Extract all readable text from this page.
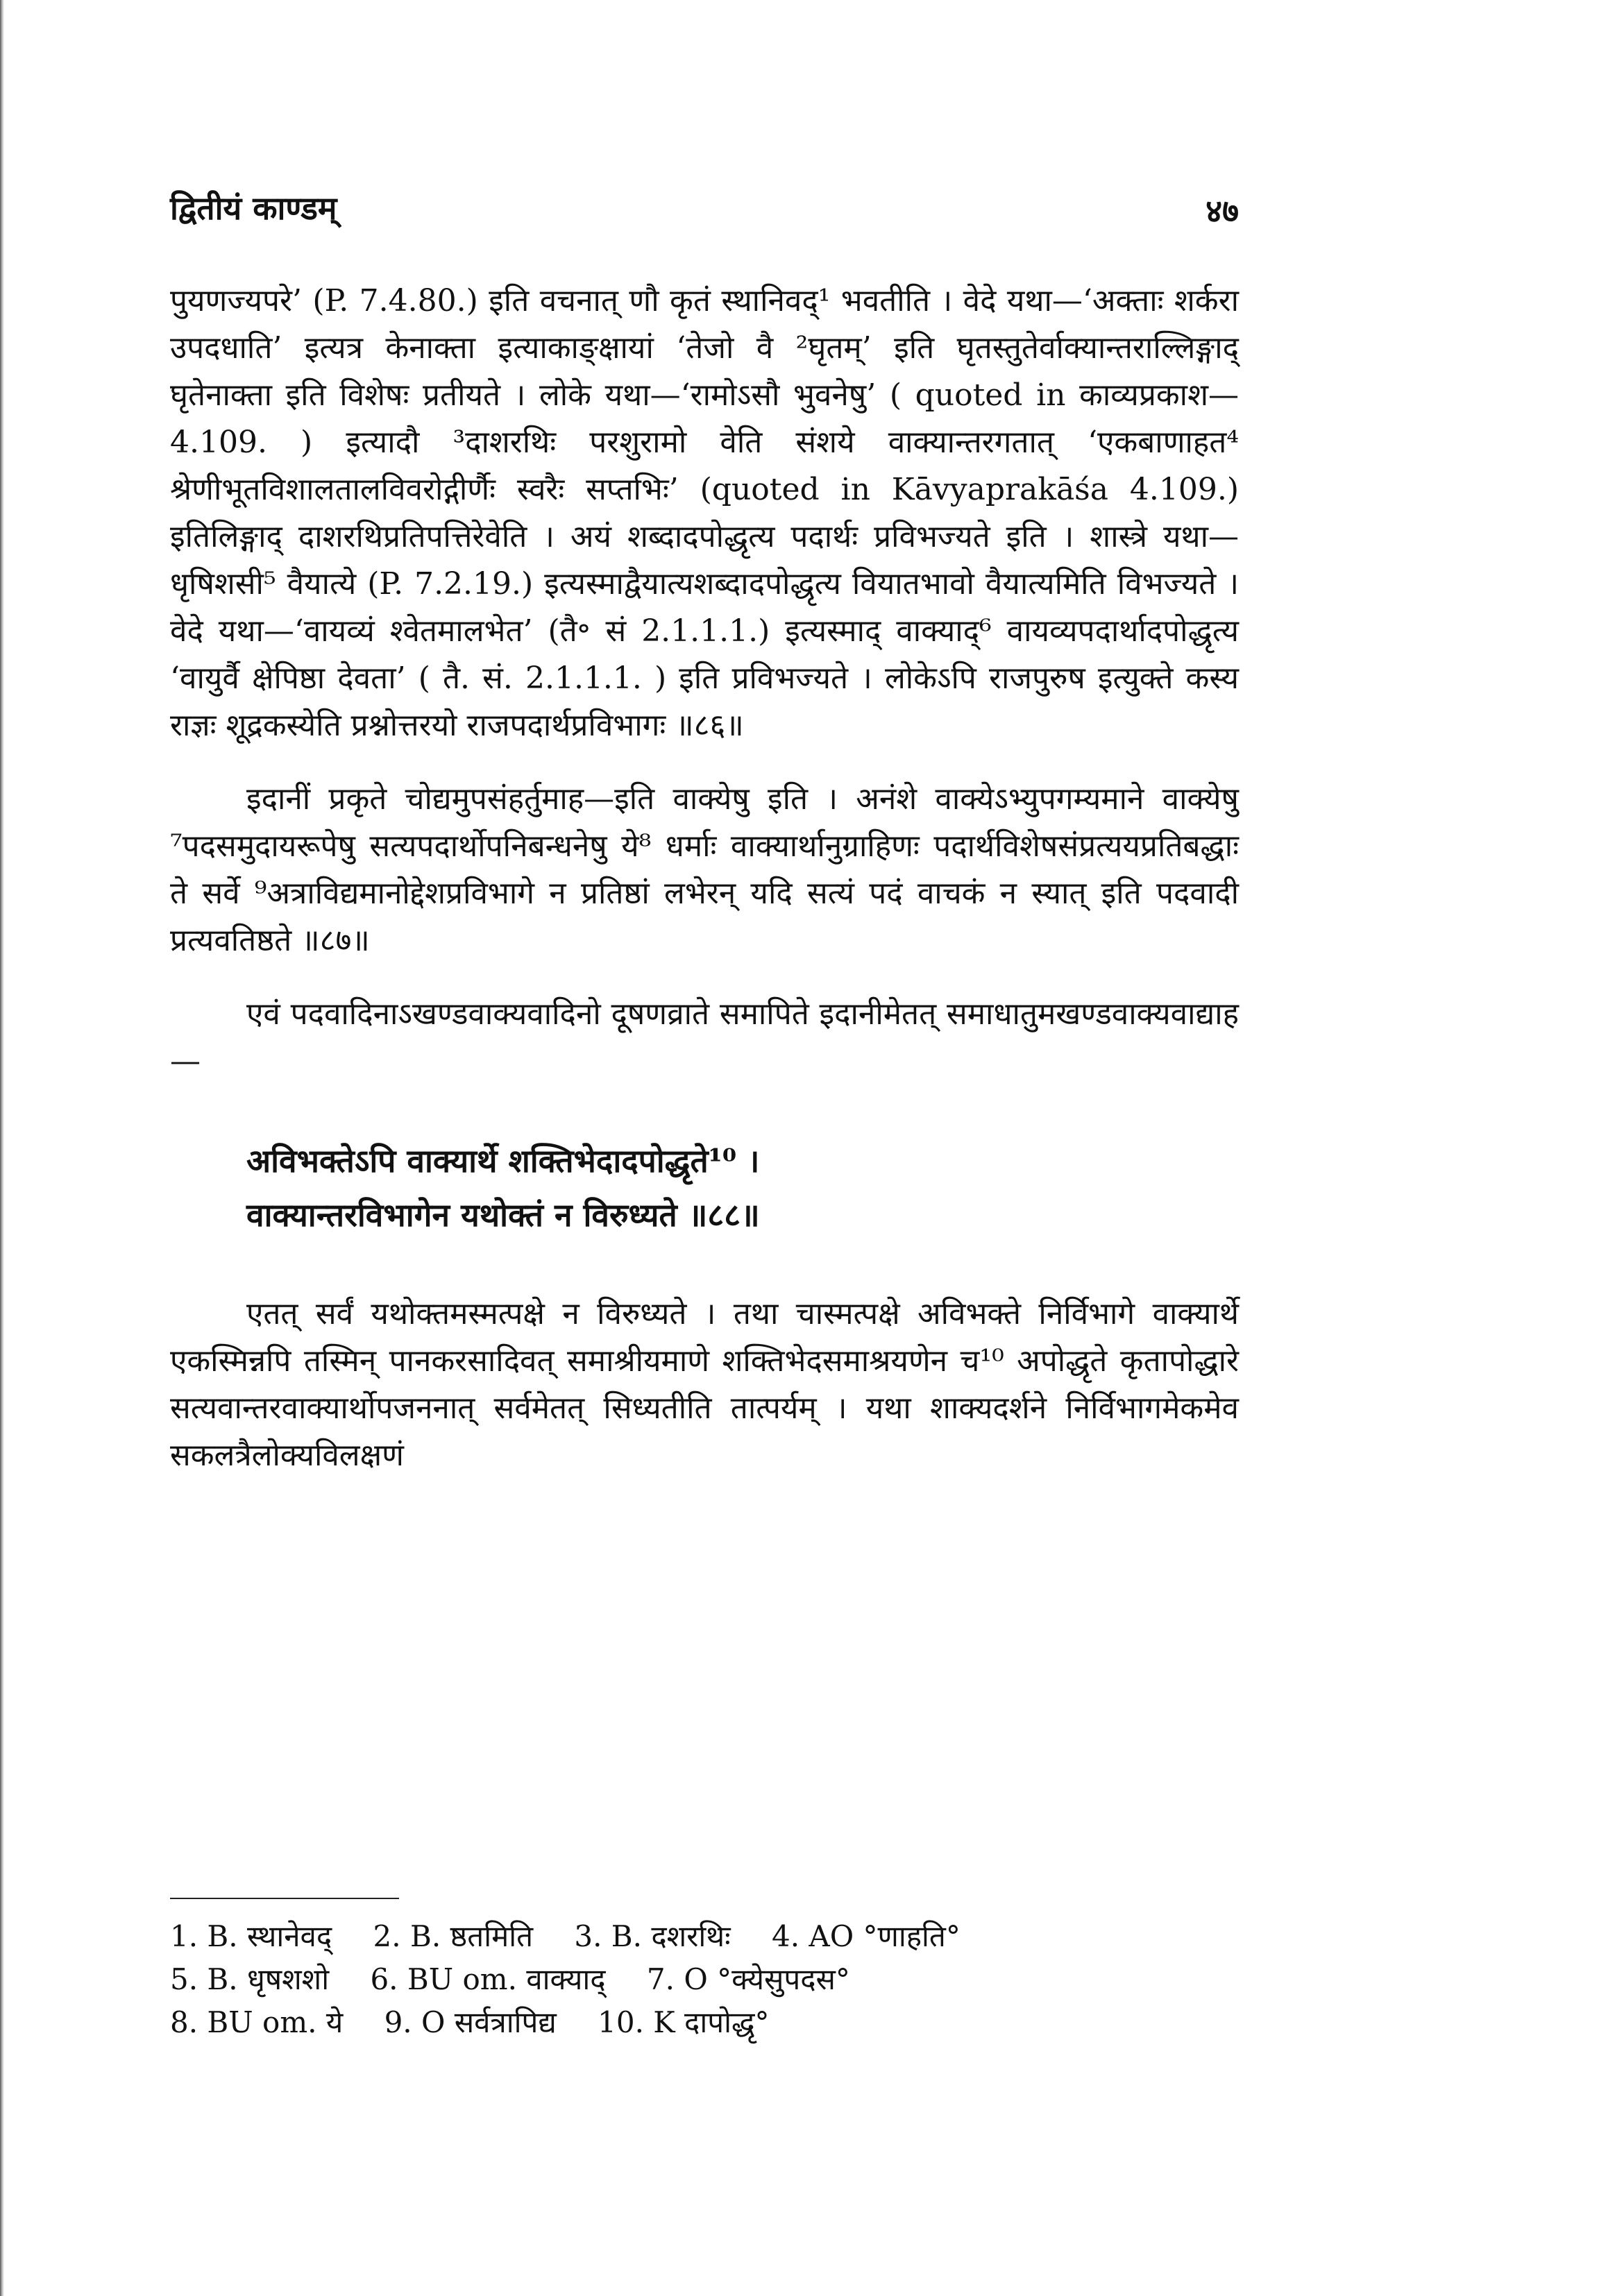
द्वितीयं काण्डम्	४७

पुयणज्यपरे’ (P. 7.4.80.) इति वचनात् णौ कृतं स्थानिवद्¹ भवतीति । वेदे यथा—‘अक्ताः शर्करा उपदधाति’ इत्यत्र केनाक्ता इत्याकाङ्क्षायां ‘तेजो वै ²घृतम्’ इति घृतस्तुतेर्वाक्यान्तराल्लिङ्गाद् घृतेनाक्ता इति विशेषः प्रतीयते । लोके यथा—‘रामोऽसौ भुवनेषु’ ( quoted in काव्यप्रकाश—4.109. ) इत्यादौ ³दाशरथिः परशुरामो वेति संशये वाक्यान्तरगतात् ‘एकबाणाहत⁴ श्रेणीभूतविशालतालविवरोद्गीर्णैः स्वरैः सप्तभिः’ (quoted in Kāvyaprakāśa 4.109.) इतिलिङ्गाद् दाशरथिप्रतिपत्तिरेवेति । अयं शब्दादपोद्धृत्य पदार्थः प्रविभज्यते इति । शास्त्रे यथा—धृषिशसी⁵ वैयात्ये (P. 7.2.19.) इत्यस्माद्वैयात्यशब्दादपोद्धृत्य वियातभावो वैयात्यमिति विभज्यते । वेदे यथा—‘वायव्यं श्वेतमालभेत’ (तै॰ सं 2.1.1.1.) इत्यस्माद् वाक्याद्⁶ वायव्यपदार्थादपोद्धृत्य ‘वायुर्वै क्षेपिष्ठा देवता’ ( तै. सं. 2.1.1.1. ) इति प्रविभज्यते । लोकेऽपि राजपुरुष इत्युक्ते कस्य राज्ञः शूद्रकस्येति प्रश्नोत्तरयो राजपदार्थप्रविभागः ॥८६॥

इदानीं प्रकृते चोद्यमुपसंहर्तुमाह—इति वाक्येषु इति । अनंशे वाक्येऽभ्युपगम्यमाने वाक्येषु ⁷पदसमुदायरूपेषु सत्यपदार्थोपनिबन्धनेषु ये⁸ धर्माः वाक्यार्थानुग्राहिणः पदार्थविशेषसंप्रत्ययप्रतिबद्धाः ते सर्वे ⁹अत्राविद्यमानोद्देशप्रविभागे न प्रतिष्ठां लभेरन् यदि सत्यं पदं वाचकं न स्यात् इति पदवादी प्रत्यवतिष्ठते ॥८७॥

एवं पदवादिनाऽखण्डवाक्यवादिनो दूषणव्राते समापिते इदानीमेतत् समाधातुमखण्डवाक्यवाद्याह—

अविभक्तेऽपि वाक्यार्थे शक्तिभेदादपोद्धृते¹⁰ ।
वाक्यान्तरविभागेन यथोक्तं न विरुध्यते ॥८८॥

एतत् सर्वं यथोक्तमस्मत्पक्षे न विरुध्यते । तथा चास्मत्पक्षे अविभक्ते निर्विभागे वाक्यार्थे एकस्मिन्नपि तस्मिन् पानकरसादिवत् समाश्रीयमाणे शक्तिभेदसमाश्रयणेन च¹⁰ अपोद्धृते कृतापोद्धारे सत्यवान्तरवाक्यार्थोपजननात् सर्वमेतत् सिध्यतीति तात्पर्यम् । यथा शाक्यदर्शने निर्विभागमेकमेव सकलत्रैलोक्यविलक्षणं

1. B. स्थानेवद् 2. B. ष्ठतमिति 3. B. दशरथिः 4. AO °णाहति°

5. B. धृषशशो 6. BU om. वाक्याद् 7. O °क्येसुपदस°

8. BU om. ये 9. O सर्वत्रापिद्य 10. K दापोद्धृ°
